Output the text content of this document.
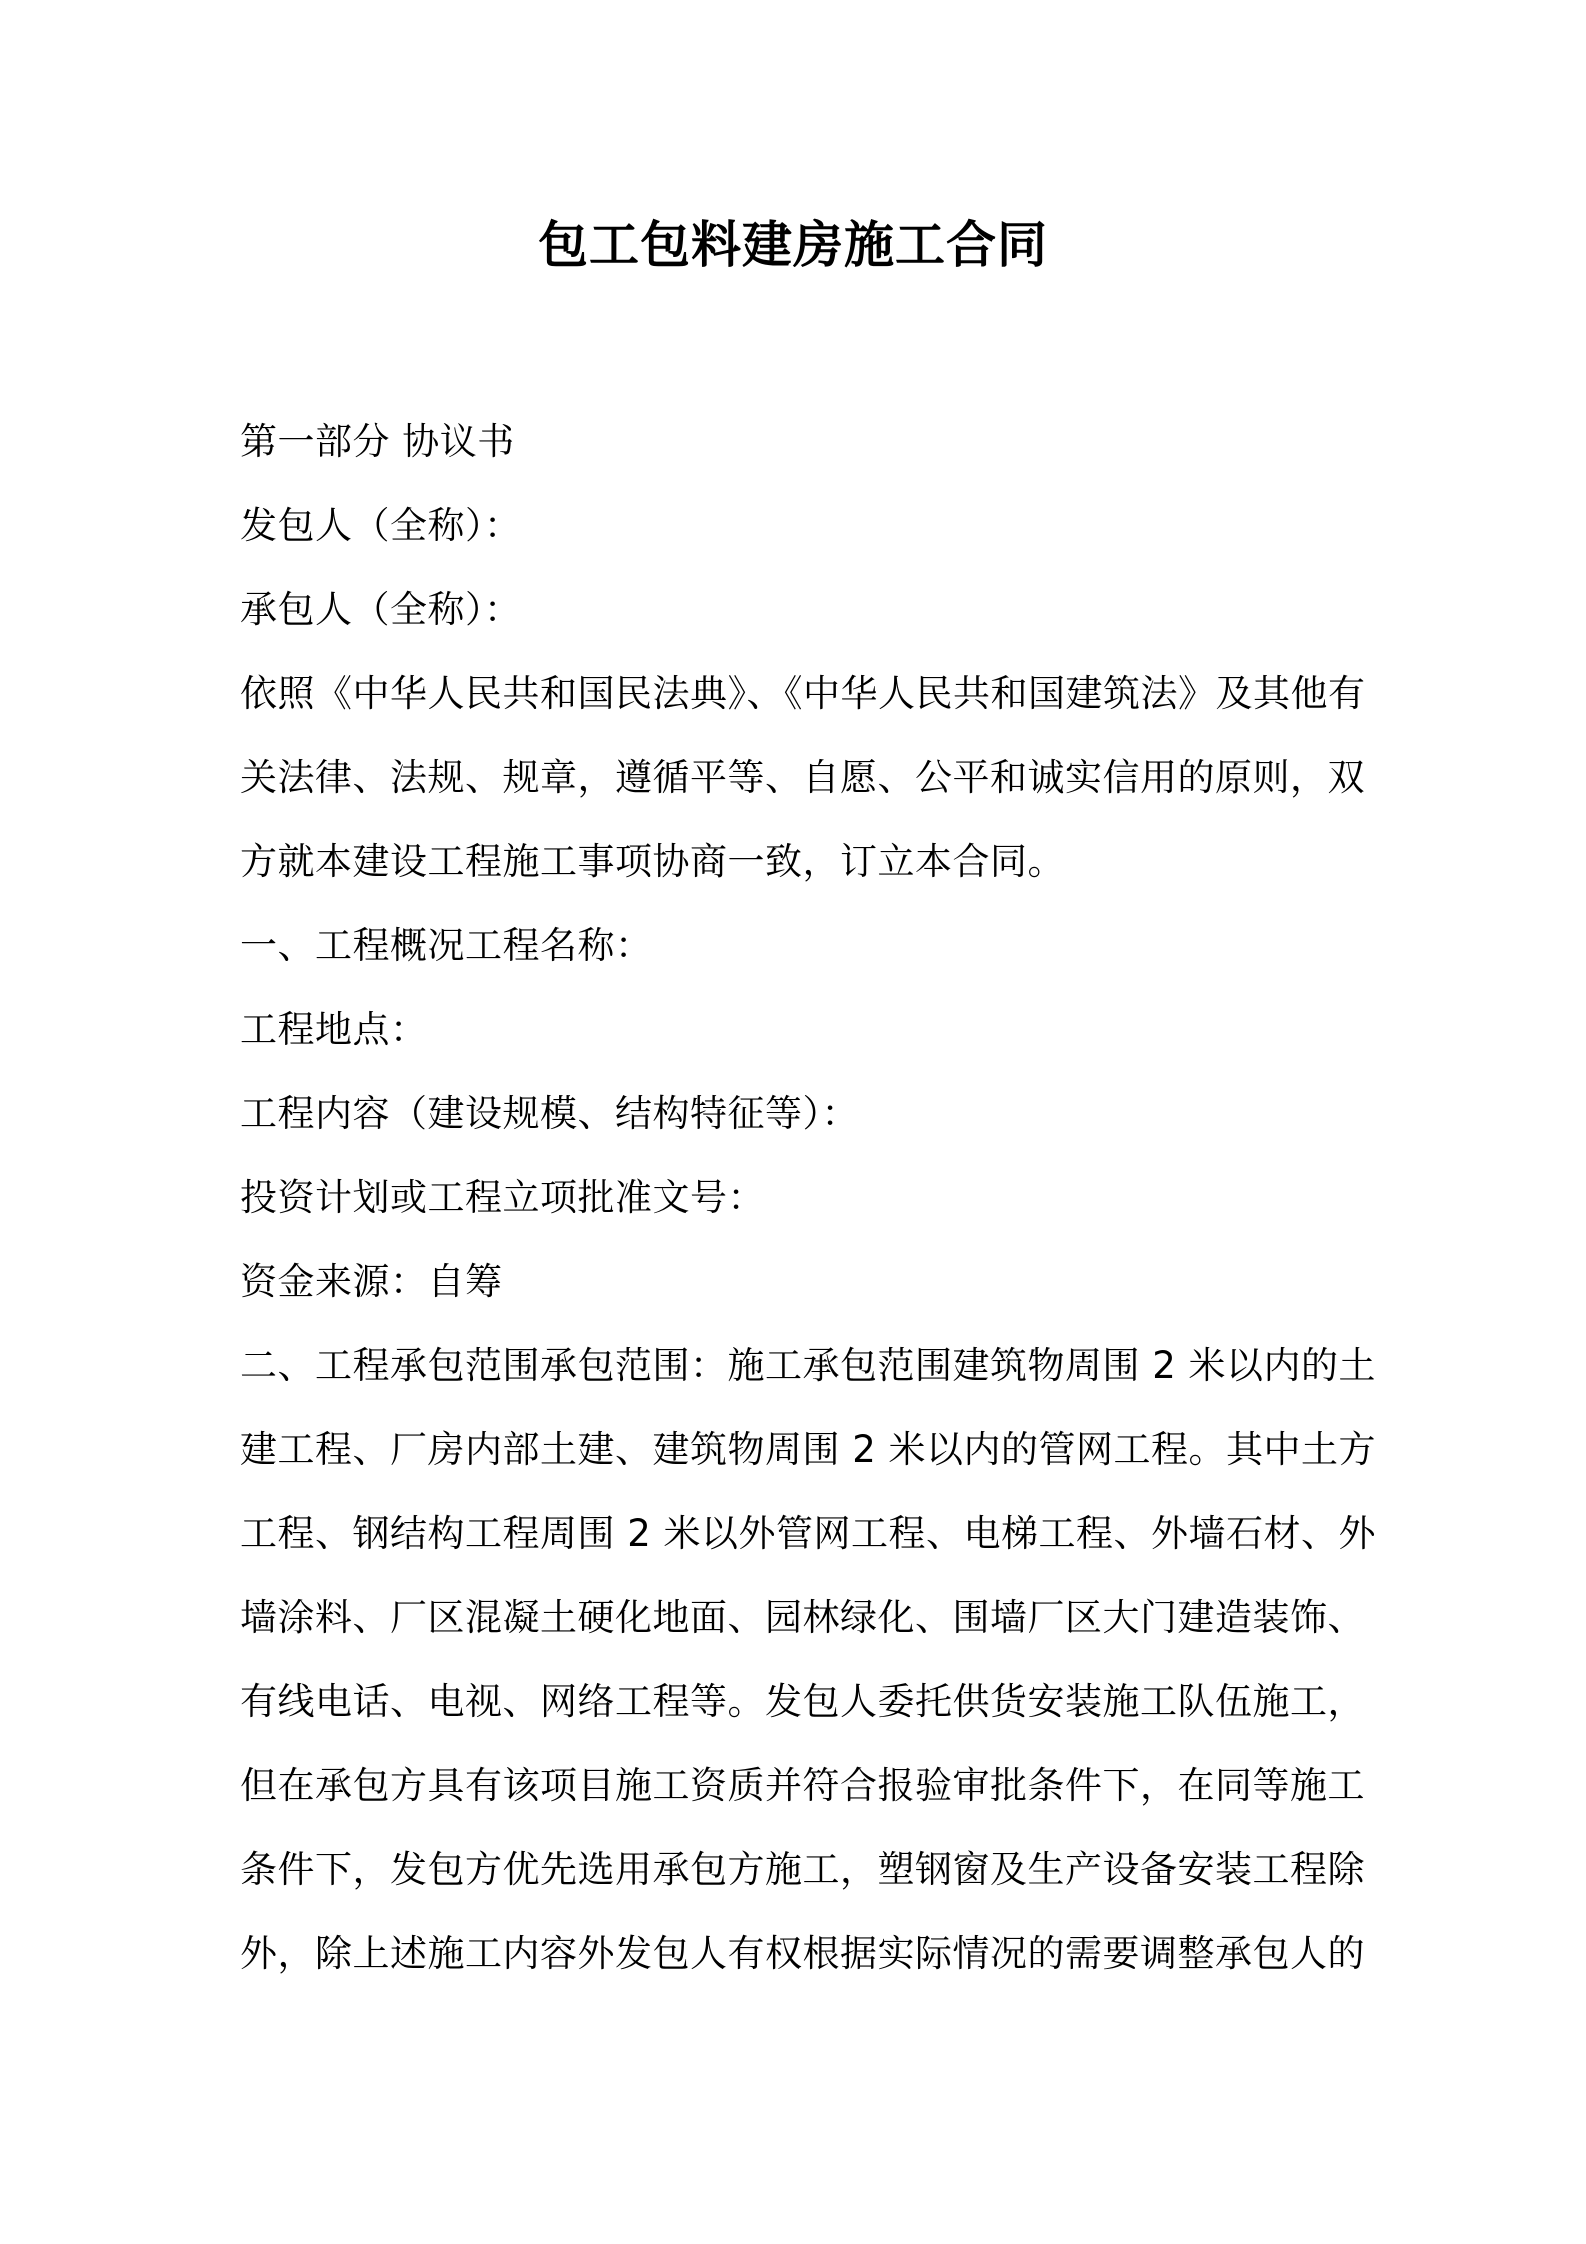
包工包料建房施工合同
第一部分 协议书
发包人（全称）：
承包人（全称）：
依照《中华人民共和国民法典》、《中华人民共和国建筑法》及其他有
关法律、法规、规章，遵循平等、自愿、公平和诚实信用的原则，双
方就本建设工程施工事项协商一致，订立本合同。
一、工程概况工程名称：
工程地点：
工程内容（建设规模、结构特征等）：
投资计划或工程立项批准文号：
资金来源：自筹
二、工程承包范围承包范围：施工承包范围建筑物周围 2 米以内的土
建工程、厂房内部土建、建筑物周围 2 米以内的管网工程。其中土方
工程、钢结构工程周围 2 米以外管网工程、电梯工程、外墙石材、外
墙涂料、厂区混凝土硬化地面、园林绿化、围墙厂区大门建造装饰、
有线电话、电视、网络工程等。发包人委托供货安装施工队伍施工，
但在承包方具有该项目施工资质并符合报验审批条件下，在同等施工
条件下，发包方优先选用承包方施工，塑钢窗及生产设备安装工程除
外，除上述施工内容外发包人有权根据实际情况的需要调整承包人的
